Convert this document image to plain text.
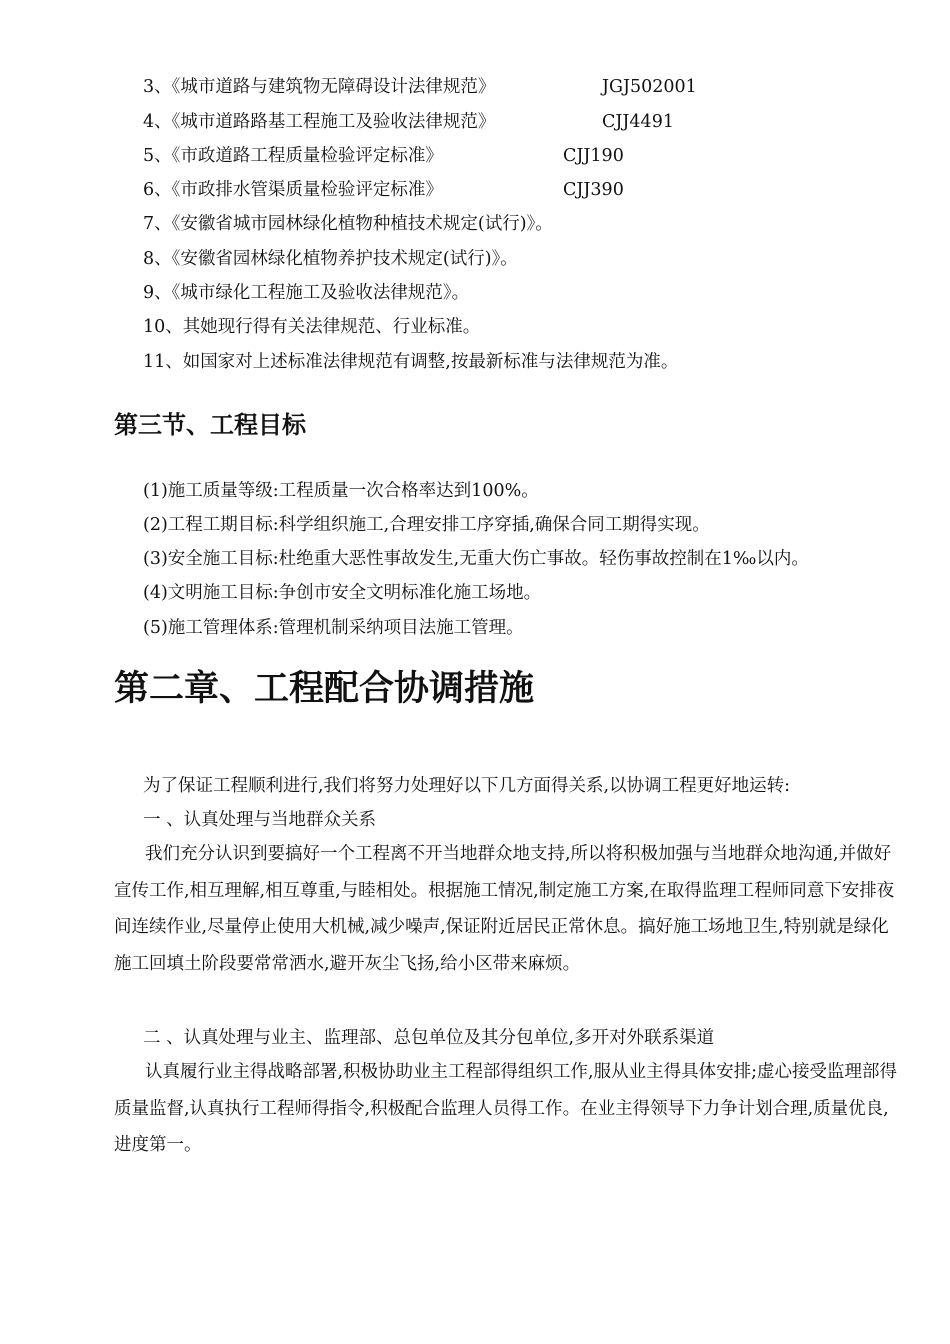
3、《城市道路与建筑物无障碍设计法律规范》	JGJ502001
4、《城市道路路基工程施工及验收法律规范》	CJJ4491
5、《市政道路工程质量检验评定标准》	CJJ190
6、《市政排水管渠质量检验评定标准》	CJJ390
7、《安徽省城市园林绿化植物种植技术规定(试行)》。
8、《安徽省园林绿化植物养护技术规定(试行)》。
9、《城市绿化工程施工及验收法律规范》。
10、其她现行得有关法律规范、行业标准。
11、如国家对上述标准法律规范有调整,按最新标准与法律规范为准。
第三节、工程目标
(1)施工质量等级:工程质量一次合格率达到100%。
(2)工程工期目标:科学组织施工,合理安排工序穿插,确保合同工期得实现。
(3)安全施工目标:杜绝重大恶性事故发生,无重大伤亡事故。轻伤事故控制在1‰以内。
(4)文明施工目标:争创市安全文明标准化施工场地。
(5)施工管理体系:管理机制采纳项目法施工管理。
第二章、工程配合协调措施
为了保证工程顺利进行,我们将努力处理好以下几方面得关系,以协调工程更好地运转:
一 、认真处理与当地群众关系
我们充分认识到要搞好一个工程离不开当地群众地支持,所以将积极加强与当地群众地沟通,并做好宣传工作,相互理解,相互尊重,与睦相处。根据施工情况,制定施工方案,在取得监理工程师同意下安排夜间连续作业,尽量停止使用大机械,减少噪声,保证附近居民正常休息。搞好施工场地卫生,特别就是绿化施工回填土阶段要常常洒水,避开灰尘飞扬,给小区带来麻烦。
二 、认真处理与业主、监理部、总包单位及其分包单位,多开对外联系渠道
认真履行业主得战略部署,积极协助业主工程部得组织工作,服从业主得具体安排;虚心接受监理部得质量监督,认真执行工程师得指令,积极配合监理人员得工作。在业主得领导下力争计划合理,质量优良,进度第一。
